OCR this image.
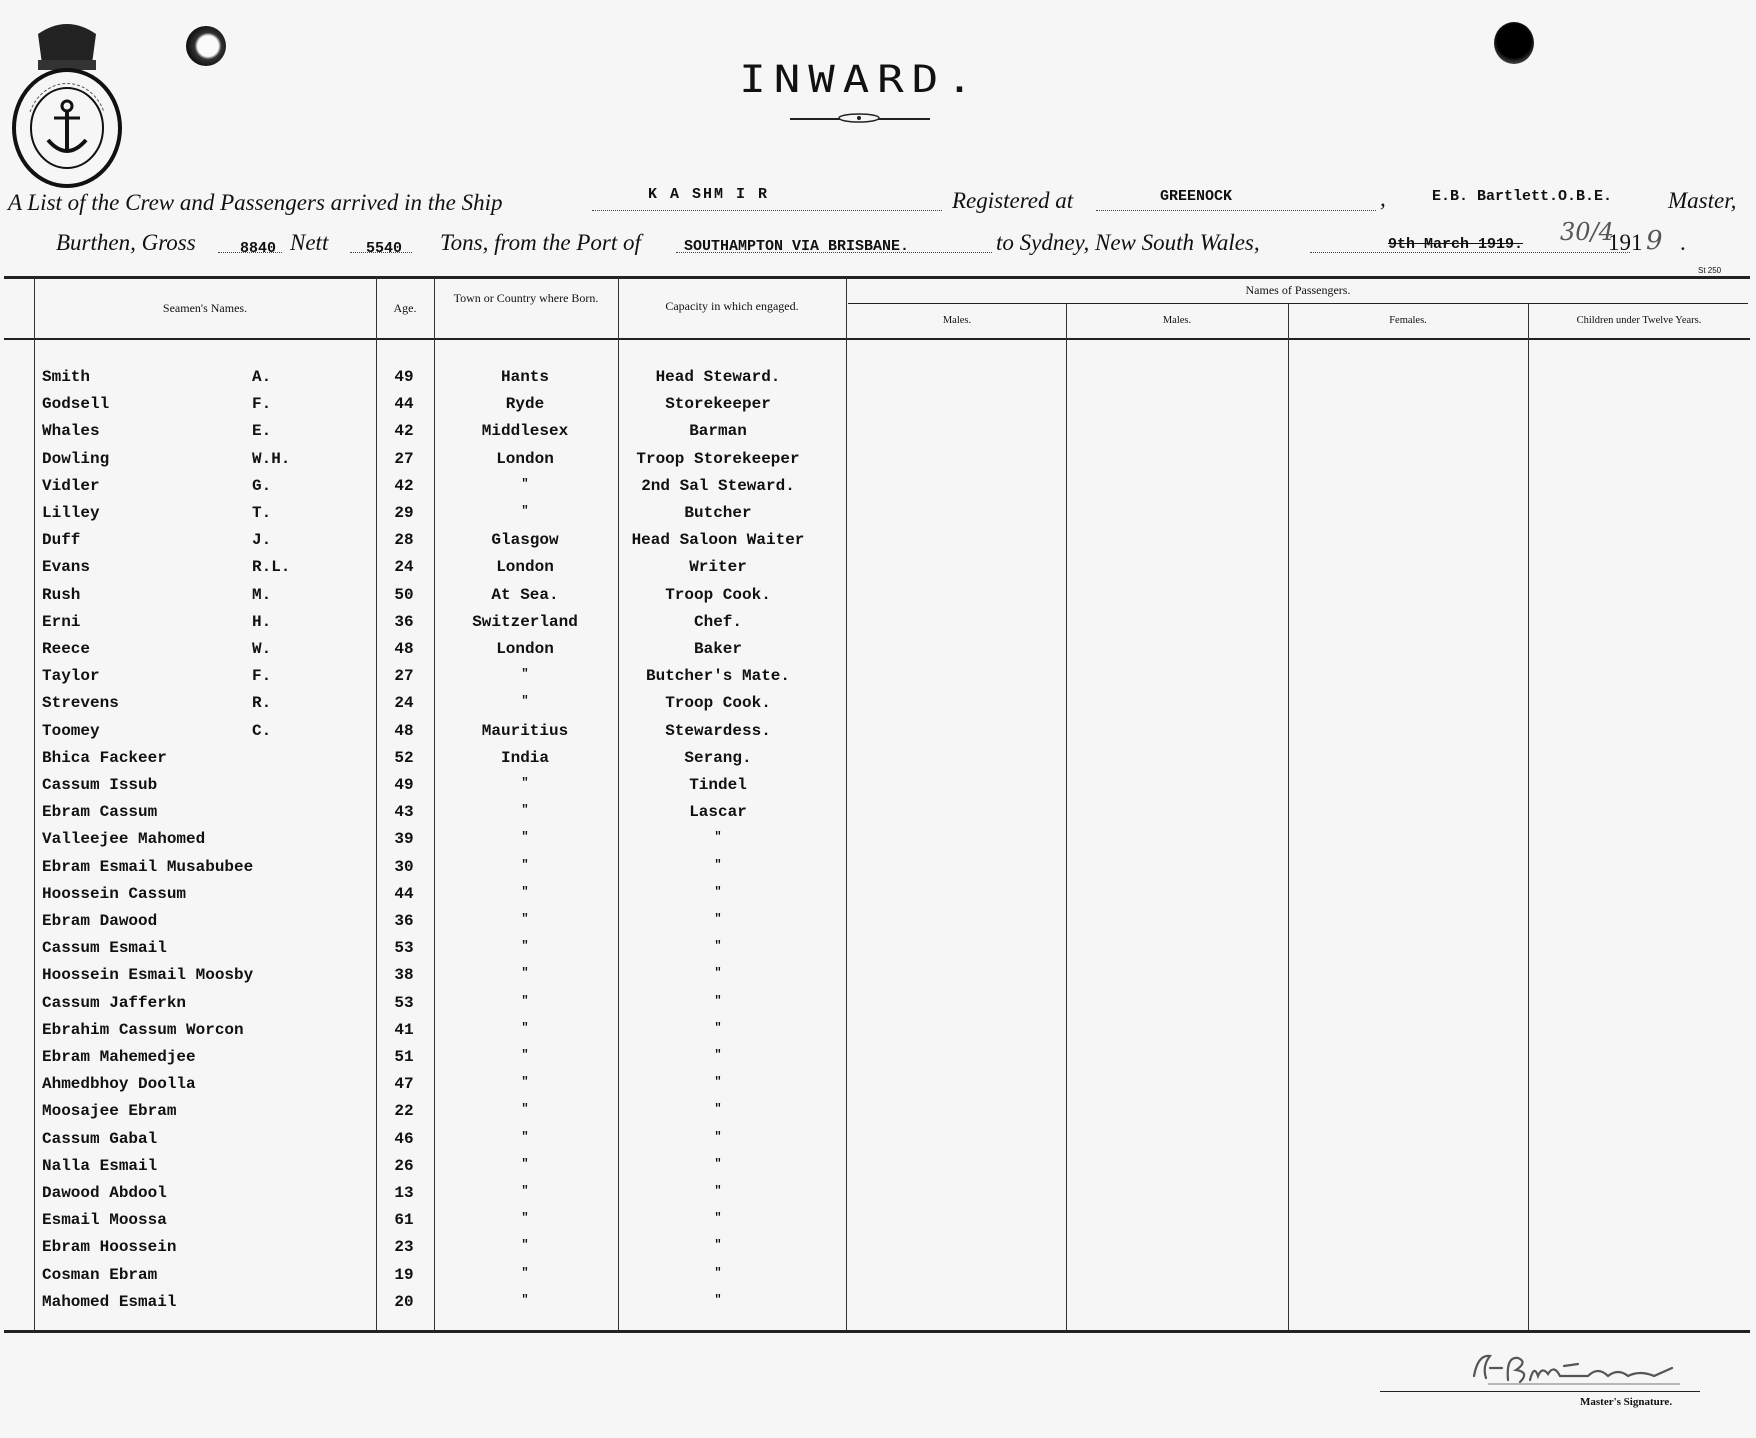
INWARD.
A List of the Crew and Passengers arrived in the Ship	K A SHM I R	Registered at	GREENOCK	,	E.B. Bartlett.O.B.E. Master,
Burthen, Gross	8840 Nett	5540 Tons, from the Port of	SOUTHAMPTON VIA BRISBANE.	to Sydney, New South Wales,	9th March 1919. 30/4
191 9 .
St 250
Seamen's Names.	Age.
Town or Country where Born.
Capacity in which engaged.
Names of Passengers.
Males.	Males.	Females.	Children under Twelve Years.
Smith	A.	49	Hants	Head Steward.
Godsell	F.	44	Ryde	Storekeeper
Whales	E.	42	Middlesex	Barman
Dowling	W.H.	27	London	Troop Storekeeper
Vidler	G.	42	"	2nd Sal Steward.
Lilley	T.	29	"	Butcher
Duff	J.	28	Glasgow	Head Saloon Waiter
Evans	R.L.	24	London	Writer
Rush	M.	50	At Sea.	Troop Cook.
Erni	H.	36	Switzerland	Chef.
Reece	W.	48	London	Baker
Taylor	F.	27	"	Butcher's Mate.
Strevens	R.	24	"	Troop Cook.
Toomey	C.	48	Mauritius	Stewardess.
Bhica Fackeer	52	India	Serang.
Cassum Issub	49	"	Tindel
Ebram Cassum	43	"	Lascar
Valleejee Mahomed	39	"	"
Ebram Esmail Musabubee	30	"	"
Hoossein Cassum	44	"	"
Ebram Dawood	36	"	"
Cassum Esmail	53	"	"
Hoossein Esmail Moosby	38	"	"
Cassum Jafferkn	53	"	"
Ebrahim Cassum Worcon	41	"	"
Ebram Mahemedjee	51	"	"
Ahmedbhoy Doolla	47	"	"
Moosajee Ebram	22	"	"
Cassum Gabal	46	"	"
Nalla Esmail	26	"	"
Dawood Abdool	13	"	"
Esmail Moossa	61	"	"
Ebram Hoossein	23	"	"
Cosman Ebram	19	"	"
Mahomed Esmail	20	"	"
Master's Signature.
